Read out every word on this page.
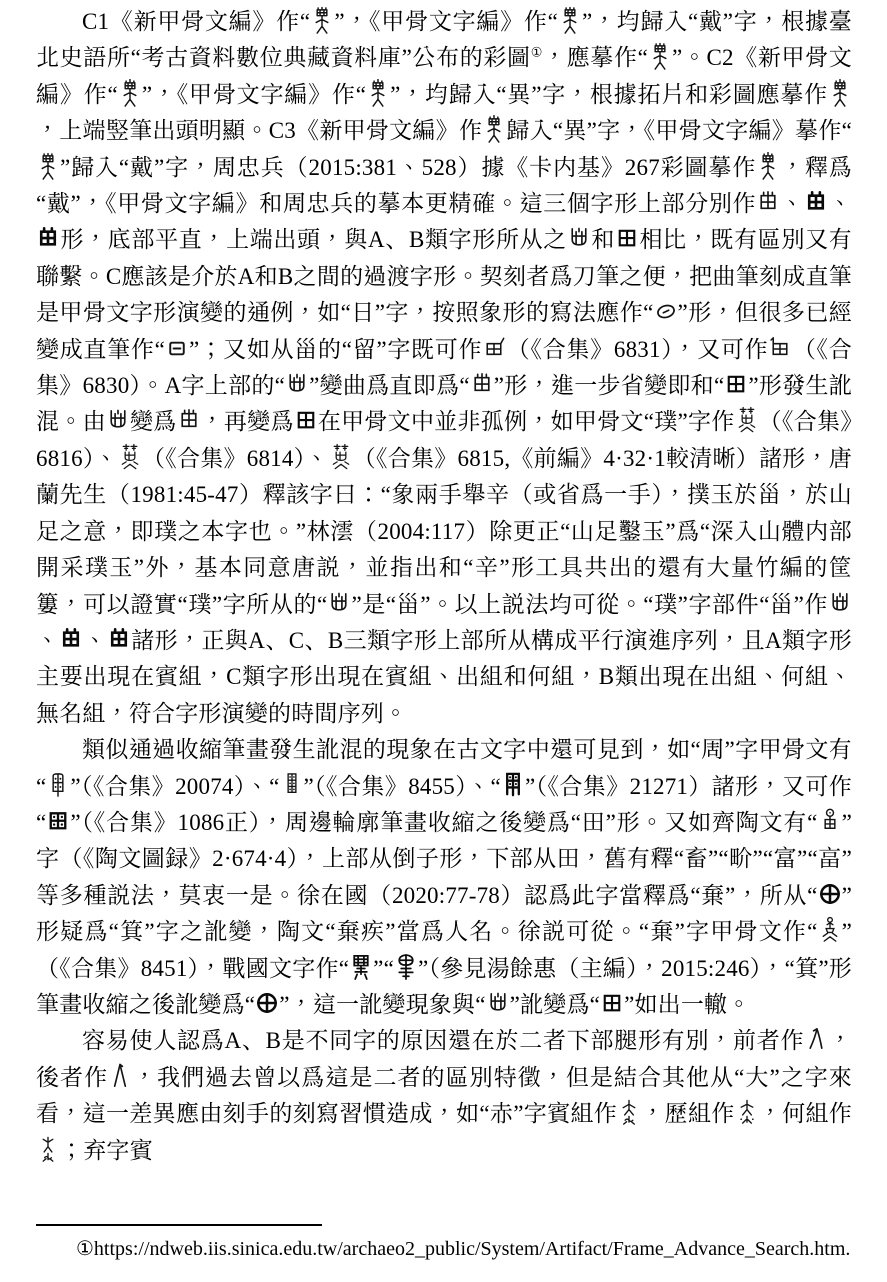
C1《新甲骨文編》作“ ”，《甲骨文字編》作“ ”，均歸入“戴”字，根據臺北史語所“考古資料數位典藏資料庫”公布的彩圖①，應摹作“ ”。C2《新甲骨文編》作“ ”，《甲骨文字編》作“ ”，均歸入“異”字，根據拓片和彩圖應摹作
，上端竪筆出頭明顯。C3《新甲骨文編》作 歸入“異”字，《甲骨文字編》摹作“
”歸入“戴”字，周忠兵（2015:381、528）據《卡内基》267彩圖摹作 ，釋爲“戴”，《甲骨文字編》和周忠兵的摹本更精確。這三個字形上部分別作 、 、
形，底部平直，上端出頭，與A、B類字形所从之 和 相比，既有區別又有聯繫。C應該是介於A和B之間的過渡字形。契刻者爲刀筆之便，把曲筆刻成直筆是甲骨文字形演變的通例，如“日”字，按照象形的寫法應作“ ”形，但很多已經變成直筆作“ ”；又如从甾的“留”字既可作 （《合集》6831），又可作 （《合集》6830）。A字上部的“ ”變曲爲直即爲“ ”形，進一步省變即和“ ”形發生訛混。由 變爲 ，再變爲 在甲骨文中並非孤例，如甲骨文“璞”字作 （《合集》6816）、 （《合集》6814）、 （《合集》6815,《前編》4·32·1較清晰）諸形，唐蘭先生（1981:45-47）釋該字曰：“象兩手舉辛（或省爲一手），撲玉於甾，於山足之意，即璞之本字也。”林澐（2004:117）除更正“山足鑿玉”爲“深入山體内部開采璞玉”外，基本同意唐説，並指出和“辛”形工具共出的還有大量竹編的筐簍，可以證實“璞”字所从的“ ”是“甾”。以上説法均可從。“璞”字部件“甾”作
、 、 諸形，正與A、C、B三類字形上部所从構成平行演進序列，且A類字形主要出現在賓組，C類字形出現在賓組、出組和何組，B類出現在出組、何組、無名組，符合字形演變的時間序列。

類似通過收縮筆畫發生訛混的現象在古文字中還可見到，如“周”字甲骨文有“ ”（《合集》20074）、“ ”（《合集》8455）、“ ”（《合集》21271）諸形，又可作“ ”（《合集》1086正），周邊輪廓筆畫收縮之後變爲“田”形。又如齊陶文有“ ”字（《陶文圖録》2·674·4），上部从倒子形，下部从田，舊有釋“畜”“畍”“富”“畗”等多種説法，莫衷一是。徐在國（2020:77-78）認爲此字當釋爲“棄”，所从“ ”形疑爲“箕”字之訛變，陶文“棄疾”當爲人名。徐説可從。“棄”字甲骨文作“ ”（《合集》8451），戰國文字作“ ”“ ”（參見湯餘惠（主編），2015:246），“箕”形筆畫收縮之後訛變爲“ ”，這一訛變現象與“ ”訛變爲“ ”如出一轍。

容易使人認爲A、B是不同字的原因還在於二者下部腿形有別，前者作 ，後者作 ，我們過去曾以爲這是二者的區別特徵，但是結合其他从“大”之字來看，這一差異應由刻手的刻寫習慣造成，如“赤”字賓組作 ，歷組作 ，何組作
；弃字賓

①https://ndweb.iis.sinica.edu.tw/archaeo2_public/System/Artifact/Frame_Advance_Search.htm.
